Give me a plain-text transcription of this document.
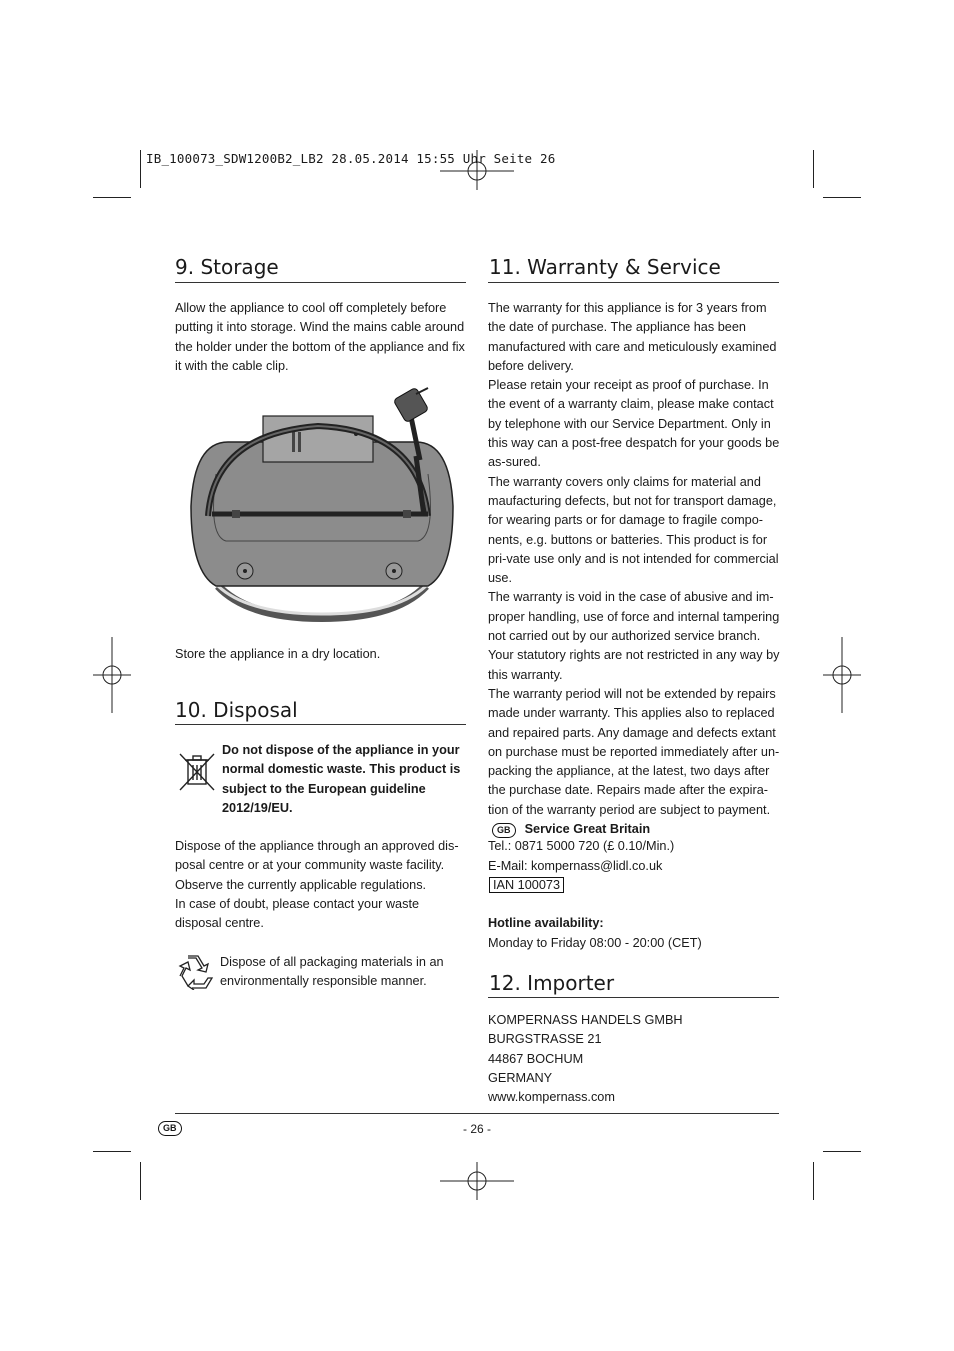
IB_100073_SDW1200B2_LB2 28.05.2014 15:55 Uhr Seite 26
9. Storage

Allow the appliance to cool off completely before putting it into storage. Wind the mains cable around the holder under the bottom of the appliance and fix it with the cable clip.

Store the appliance in a dry location.

10. Disposal

Do not dispose of the appliance in your normal domestic waste. This product is subject to the European guideline 2012/19/EU.

Dispose of the appliance through an approved dis-posal centre or at your community waste facility. Observe the currently applicable regulations.

In case of doubt, please contact your waste disposal centre.

Dispose of all packaging materials in an environmentally responsible manner.

11. Warranty & Service

The warranty for this appliance is for 3 years from the date of purchase. The appliance has been manufactured with care and meticulously examined before delivery.

Please retain your receipt as proof of purchase. In the event of a warranty claim, please make contact by telephone with our Service Department. Only in this way can a post-free despatch for your goods be as-sured.

The warranty covers only claims for material and maufacturing defects, but not for transport damage, for wearing parts or for damage to fragile compo-nents, e.g. buttons or batteries. This product is for pri-vate use only and is not intended for commercial use.

The warranty is void in the case of abusive and im-proper handling, use of force and internal tampering not carried out by our authorized service branch.

Your statutory rights are not restricted in any way by this warranty.

The warranty period will not be extended by repairs made under warranty. This applies also to replaced and repaired parts. Any damage and defects extant on purchase must be reported immediately after un-packing the appliance, at the latest, two days after the purchase date. Repairs made after the expira-tion of the warranty period are subject to payment.

GB Service Great Britain

Tel.: 0871 5000 720 (£ 0.10/Min.)

E-Mail: kompernass@lidl.co.uk

IAN 100073

Hotline availability:

Monday to Friday 08:00 - 20:00 (CET)

12. Importer

KOMPERNASS HANDELS GMBH

BURGSTRASSE 21

44867 BOCHUM

GERMANY

www.kompernass.com

GB	- 26 -
